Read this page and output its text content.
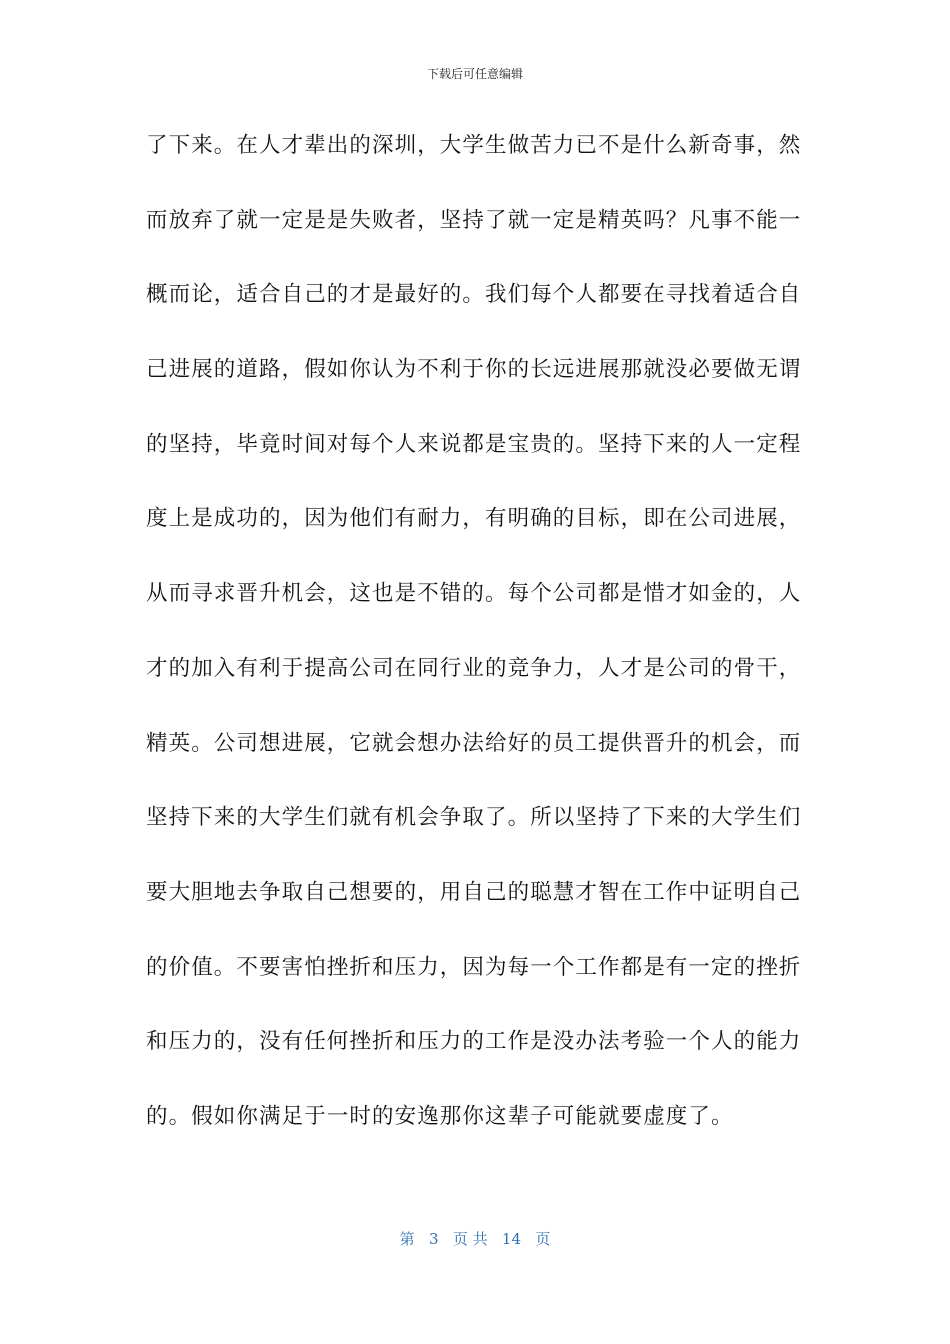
下载后可任意编辑
了下来。在人才辈出的深圳，大学生做苦力已不是什么新奇事，然
而放弃了就一定是是失败者，坚持了就一定是精英吗？凡事不能一
概而论，适合自己的才是最好的。我们每个人都要在寻找着适合自
己进展的道路，假如你认为不利于你的长远进展那就没必要做无谓
的坚持，毕竟时间对每个人来说都是宝贵的。坚持下来的人一定程
度上是成功的，因为他们有耐力，有明确的目标，即在公司进展，
从而寻求晋升机会，这也是不错的。每个公司都是惜才如金的，人
才的加入有利于提高公司在同行业的竞争力，人才是公司的骨干，
精英。公司想进展，它就会想办法给好的员工提供晋升的机会，而
坚持下来的大学生们就有机会争取了。所以坚持了下来的大学生们
要大胆地去争取自己想要的，用自己的聪慧才智在工作中证明自己
的价值。不要害怕挫折和压力，因为每一个工作都是有一定的挫折
和压力的，没有任何挫折和压力的工作是没办法考验一个人的能力
的。假如你满足于一时的安逸那你这辈子可能就要虚度了。
第 3 页 共 14 页
